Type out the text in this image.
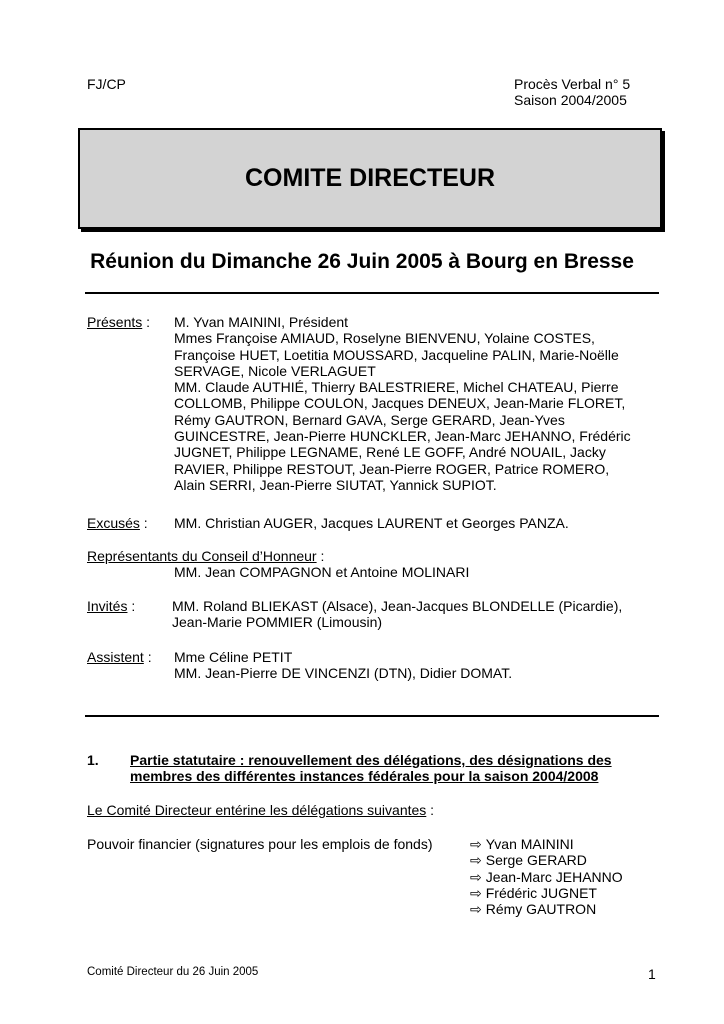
FJ/CP	Procès Verbal n° 5
Saison 2004/2005
COMITE DIRECTEUR
Réunion du Dimanche 26 Juin 2005 à Bourg en Bresse
Présents : M. Yvan MAININI, Président
Mmes Françoise AMIAUD, Roselyne BIENVENU, Yolaine COSTES,
Françoise HUET, Loetitia MOUSSARD, Jacqueline PALIN, Marie-Noëlle
SERVAGE, Nicole VERLAGUET
MM. Claude AUTHIÉ, Thierry BALESTRIERE, Michel CHATEAU, Pierre
COLLOMB, Philippe COULON, Jacques DENEUX, Jean-Marie FLORET,
Rémy GAUTRON, Bernard GAVA, Serge GERARD, Jean-Yves
GUINCESTRE, Jean-Pierre HUNCKLER, Jean-Marc JEHANNO, Frédéric
JUGNET, Philippe LEGNAME, René LE GOFF, André NOUAIL, Jacky
RAVIER, Philippe RESTOUT, Jean-Pierre ROGER, Patrice ROMERO,
Alain SERRI, Jean-Pierre SIUTAT, Yannick SUPIOT.
Excusés : MM. Christian AUGER, Jacques LAURENT et Georges PANZA.
Représentants du Conseil d’Honneur :
MM. Jean COMPAGNON et Antoine MOLINARI
Invités :	MM. Roland BLIEKAST (Alsace), Jean-Jacques BLONDELLE (Picardie),
Jean-Marie POMMIER (Limousin)
Assistent : Mme Céline PETIT
MM. Jean-Pierre DE VINCENZI (DTN), Didier DOMAT.
1. Partie statutaire : renouvellement des délégations, des désignations des
membres des différentes instances fédérales pour la saison 2004/2008
Le Comité Directeur entérine les délégations suivantes :
Pouvoir financier (signatures pour les emplois de fonds)	⇨ Yvan MAININI
⇨ Serge GERARD
⇨ Jean-Marc JEHANNO
⇨ Frédéric JUGNET
⇨ Rémy GAUTRON
Comité Directeur du 26 Juin 2005	1
